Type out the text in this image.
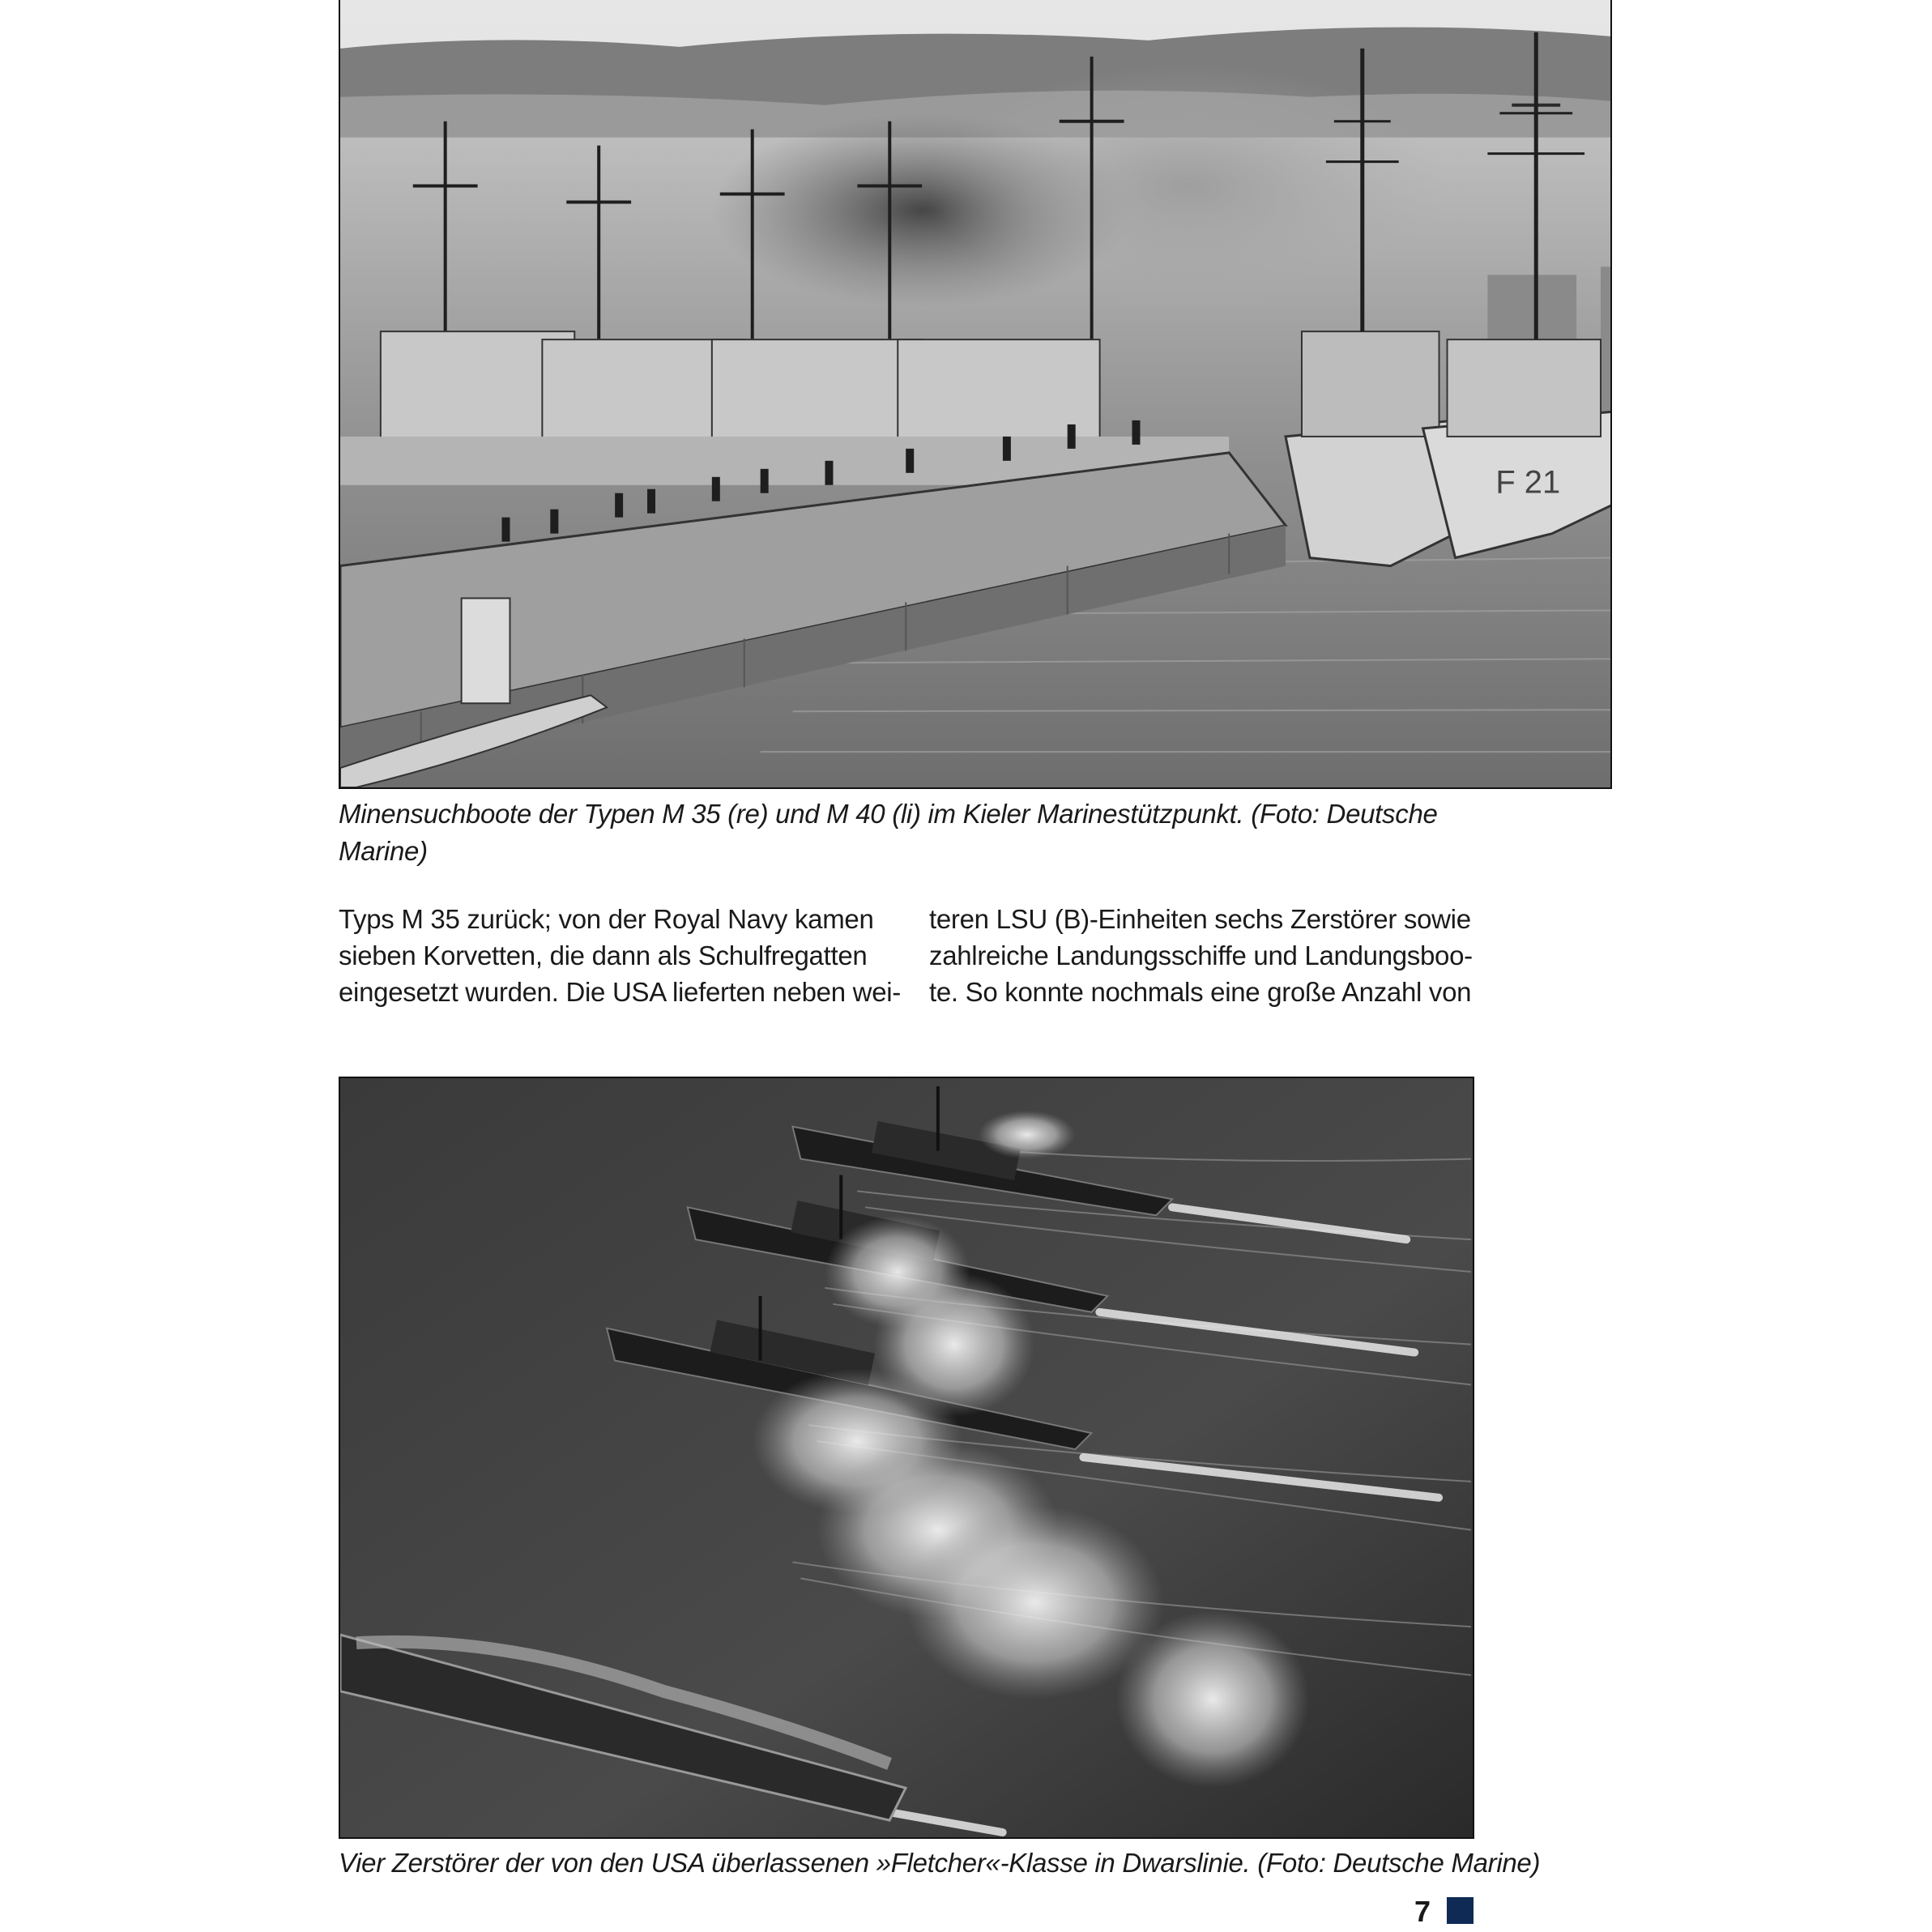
F 21
Minensuchboote der Typen M 35 (re) und M 40 (li) im Kieler Marinestützpunkt. (Foto: Deutsche
Marine)
Typs M 35 zurück; von der Royal Navy kamen
sieben Korvetten, die dann als Schulfregatten
eingesetzt wurden. Die USA lieferten neben wei-
teren LSU (B)-Einheiten sechs Zerstörer sowie
zahlreiche Landungsschiffe und Landungsboo-
te. So konnte nochmals eine große Anzahl von
Vier Zerstörer der von den USA überlassenen »Fletcher«-Klasse in Dwarslinie. (Foto: Deutsche Marine)
7
